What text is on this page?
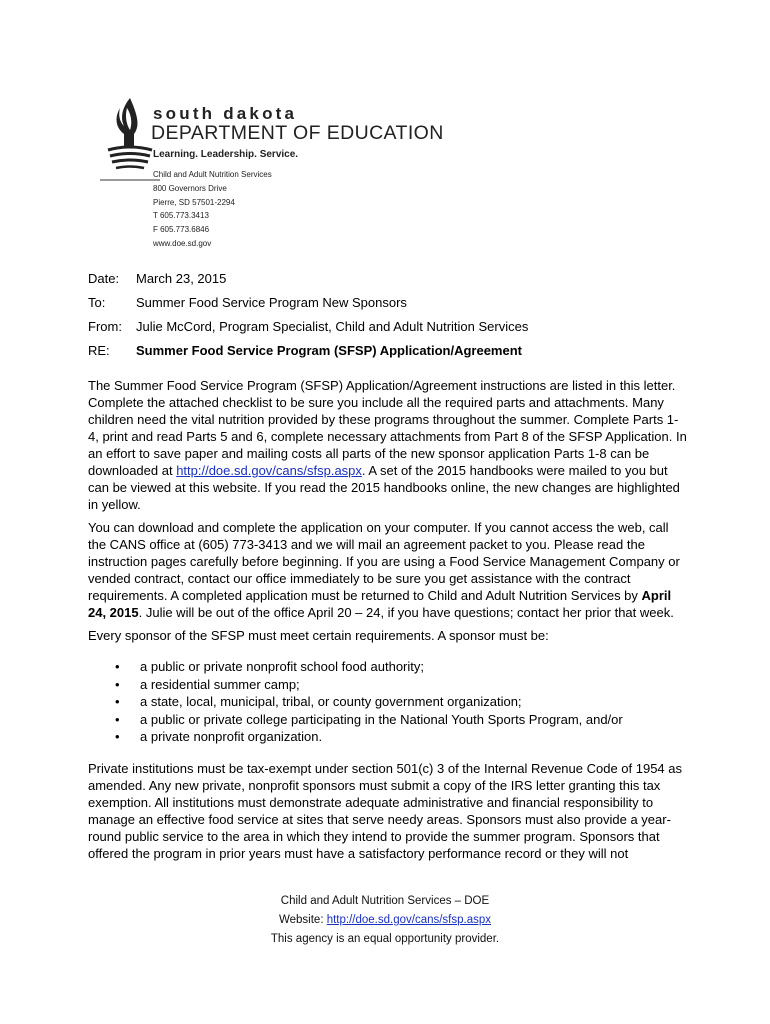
south dakota
DEPARTMENT OF EDUCATION
Learning. Leadership. Service.
Child and Adult Nutrition Services
800 Governors Drive
Pierre, SD 57501-2294
T 605.773.3413
F 605.773.6846
www.doe.sd.gov
Date:	March 23, 2015
To:	Summer Food Service Program New Sponsors
From:	Julie McCord, Program Specialist, Child and Adult Nutrition Services
RE:	Summer Food Service Program (SFSP) Application/Agreement

The Summer Food Service Program (SFSP) Application/Agreement instructions are listed in this letter. Complete the attached checklist to be sure you include all the required parts and attachments. Many children need the vital nutrition provided by these programs throughout the summer. Complete Parts 1-4, print and read Parts 5 and 6, complete necessary attachments from Part 8 of the SFSP Application. In an effort to save paper and mailing costs all parts of the new sponsor application Parts 1-8 can be downloaded at http://doe.sd.gov/cans/sfsp.aspx. A set of the 2015 handbooks were mailed to you but can be viewed at this website. If you read the 2015 handbooks online, the new changes are highlighted in yellow.

You can download and complete the application on your computer. If you cannot access the web, call the CANS office at (605) 773-3413 and we will mail an agreement packet to you. Please read the instruction pages carefully before beginning. If you are using a Food Service Management Company or vended contract, contact our office immediately to be sure you get assistance with the contract requirements. A completed application must be returned to Child and Adult Nutrition Services by April 24, 2015. Julie will be out of the office April 20 – 24, if you have questions; contact her prior that week.

Every sponsor of the SFSP must meet certain requirements. A sponsor must be:

• a public or private nonprofit school food authority;
• a residential summer camp;
• a state, local, municipal, tribal, or county government organization;
• a public or private college participating in the National Youth Sports Program, and/or
• a private nonprofit organization.

Private institutions must be tax-exempt under section 501(c) 3 of the Internal Revenue Code of 1954 as amended. Any new private, nonprofit sponsors must submit a copy of the IRS letter granting this tax exemption. All institutions must demonstrate adequate administrative and financial responsibility to manage an effective food service at sites that serve needy areas. Sponsors must also provide a year-round public service to the area in which they intend to provide the summer program. Sponsors that offered the program in prior years must have a satisfactory performance record or they will not

Child and Adult Nutrition Services – DOE
Website: http://doe.sd.gov/cans/sfsp.aspx
This agency is an equal opportunity provider.
